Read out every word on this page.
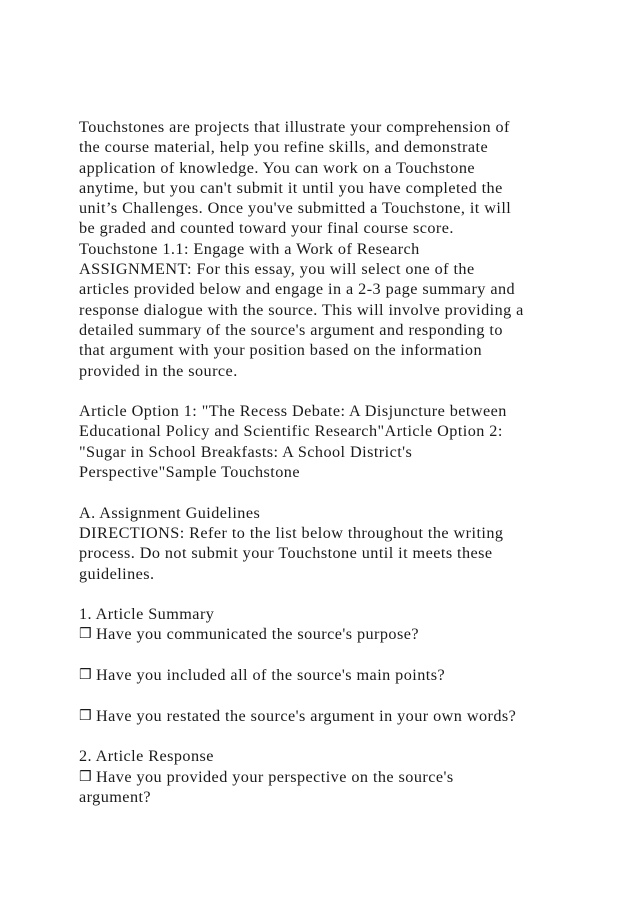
Touchstones are projects that illustrate your comprehension of
the course material, help you refine skills, and demonstrate
application of knowledge. You can work on a Touchstone
anytime, but you can't submit it until you have completed the
unit’s Challenges. Once you've submitted a Touchstone, it will
be graded and counted toward your final course score.
Touchstone 1.1: Engage with a Work of Research
ASSIGNMENT: For this essay, you will select one of the
articles provided below and engage in a 2-3 page summary and
response dialogue with the source. This will involve providing a
detailed summary of the source's argument and responding to
that argument with your position based on the information
provided in the source.
Article Option 1: "The Recess Debate: A Disjuncture between
Educational Policy and Scientific Research"Article Option 2:
"Sugar in School Breakfasts: A School District's
Perspective"Sample Touchstone
A. Assignment Guidelines
DIRECTIONS: Refer to the list below throughout the writing
process. Do not submit your Touchstone until it meets these
guidelines.
1. Article Summary
❒ Have you communicated the source's purpose?
❒ Have you included all of the source's main points?
❒ Have you restated the source's argument in your own words?
2. Article Response
❒ Have you provided your perspective on the source's
argument?
